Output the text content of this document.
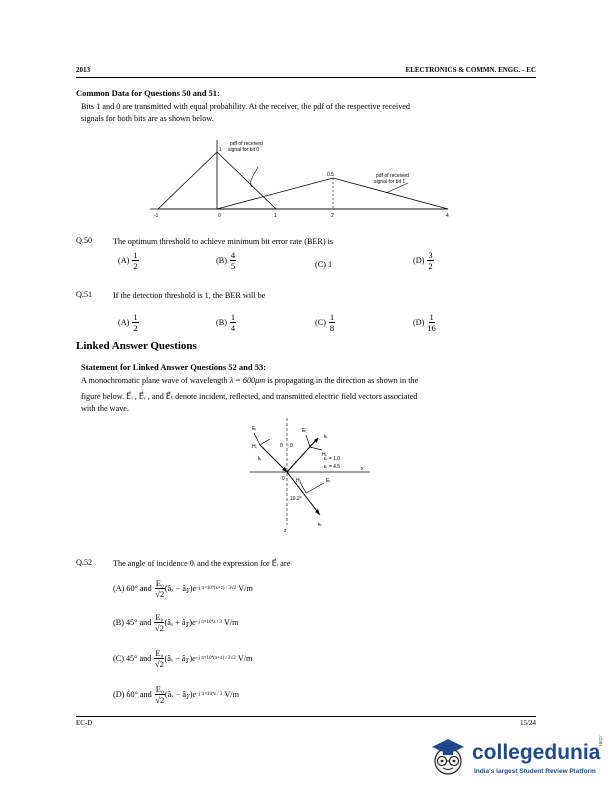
2013	ELECTRONICS & COMMN. ENGG. - EC
Common Data for Questions 50 and 51:
Bits 1 and 0 are transmitted with equal probability. At the receiver, the pdf of the respective received
signals for both bits are as shown below.
pdf of received
signal for bit 0
pdf of received
signal for bit 1
1
0.5
-1	0	1	2	4
Q.50	The optimum threshold to achieve minimum bit error rate (BER) is
$(A) \frac{1}{2}$	$(B) \frac{4}{5}$	(C) 1	$(D) \frac{3}{2}$
Q.51	If the detection threshold is 1, the BER will be
$(A) \frac{1}{2}$	$(B) \frac{1}{4}$	$(C) \frac{1}{8}$	$(D) \frac{1}{16}$
Linked Answer Questions
Statement for Linked Answer Questions 52 and 53:
A monochromatic plane wave of wavelength λ = 600μm is propagating in the direction as shown in the
figure below. E⃗ᵢ , E⃗ᵣ , and E⃗ₜ denote incident, reflected, and transmitted electric field vectors associated
with the wave.
Eᵢ
Hᵢ
kᵢ
Eᵣ
Hᵣ
kᵣ
Eₜ
Hₜ
kₜ
θ θ
εᵣ = 1.0
εᵣ = 4.5
0
19.2°
x
z
Q.52	The angle of incidence θᵢ and the expression for E⃗ᵢ are
(A) 60°
and $\frac{\text{E₀}}{√2}$ (âₓ − â𝓏) e −j π×10⁴(x+z) / 3√2
V/m
(B) 45°
and $\frac{\text{E₀}}{√2}$ (âₓ + â𝓏) e −j π×10⁴z / 3
V/m
(C) 45°
and $\frac{\text{E₀}}{√2}$ (âₓ − â𝓏) e −j π×10⁴(x+z) / 3√2
V/m
(D) 60°
and $\frac{\text{E₀}}{√2}$ (âₓ − â𝓏) e −j π×10⁴z / 3
V/m
EC-D	15/24
collegedunia
.com
India's largest Student Review Platform
